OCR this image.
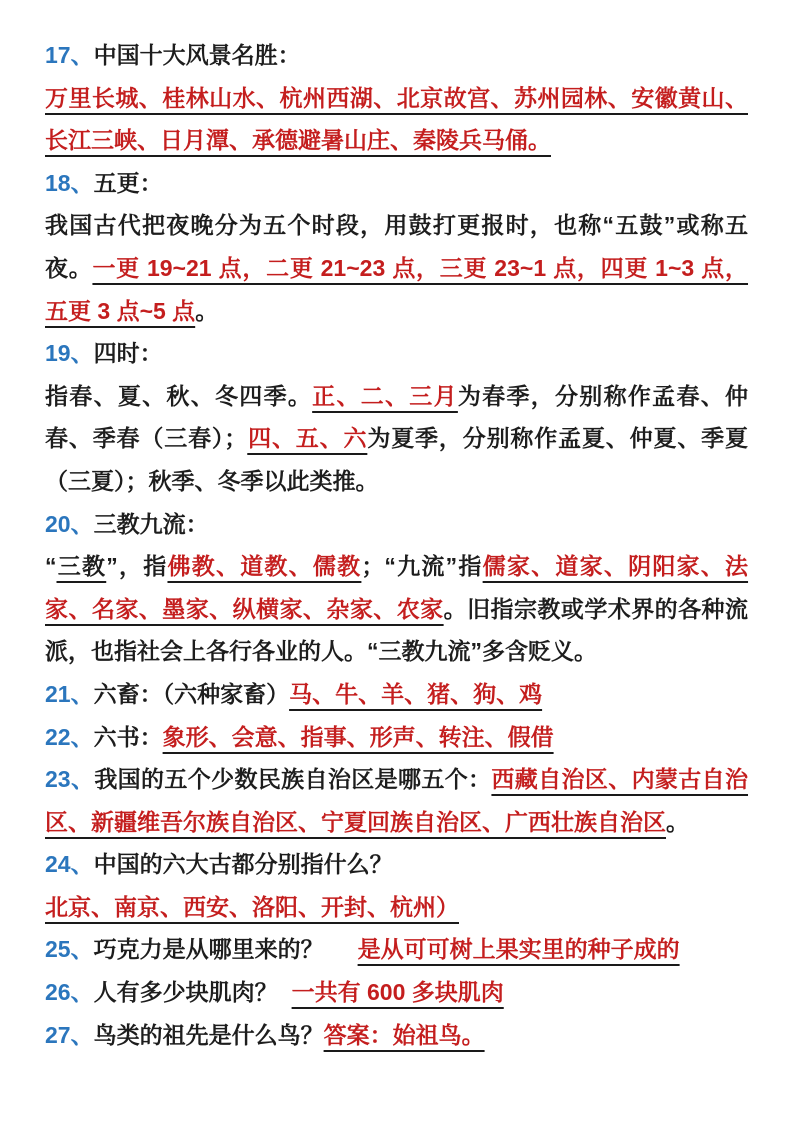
17、中国十大风景名胜：

万里长城、桂林山水、杭州西湖、北京故宫、苏州园林、安徽黄山、长江三峡、日月潭、承德避暑山庄、秦陵兵马俑。

18、五更：

我国古代把夜晚分为五个时段，用鼓打更报时，也称“五鼓”或称五夜。一更 19~21 点，二更 21~23 点，三更 23~1 点，四更 1~3 点，五更 3 点~5 点。

19、四时：

指春、夏、秋、冬四季。正、二、三月为春季，分别称作孟春、仲春、季春（三春）；四、五、六为夏季，分别称作孟夏、仲夏、季夏（三夏）；秋季、冬季以此类推。

20、三教九流：

“三教”，指佛教、道教、儒教；“九流”指儒家、道家、阴阳家、法家、名家、墨家、纵横家、杂家、农家。旧指宗教或学术界的各种流派，也指社会上各行各业的人。“三教九流”多含贬义。

21、六畜：（六种家畜）马、牛、羊、猪、狗、鸡

22、六书：象形、会意、指事、形声、转注、假借

23、我国的五个少数民族自治区是哪五个：西藏自治区、内蒙古自治区、新疆维吾尔族自治区、宁夏回族自治区、广西壮族自治区。

24、中国的六大古都分别指什么？

北京、南京、西安、洛阳、开封、杭州）

25、巧克力是从哪里来的？ 是从可可树上果实里的种子成的

26、人有多少块肌肉？ 一共有 600 多块肌肉

27、鸟类的祖先是什么鸟？答案：始祖鸟。
